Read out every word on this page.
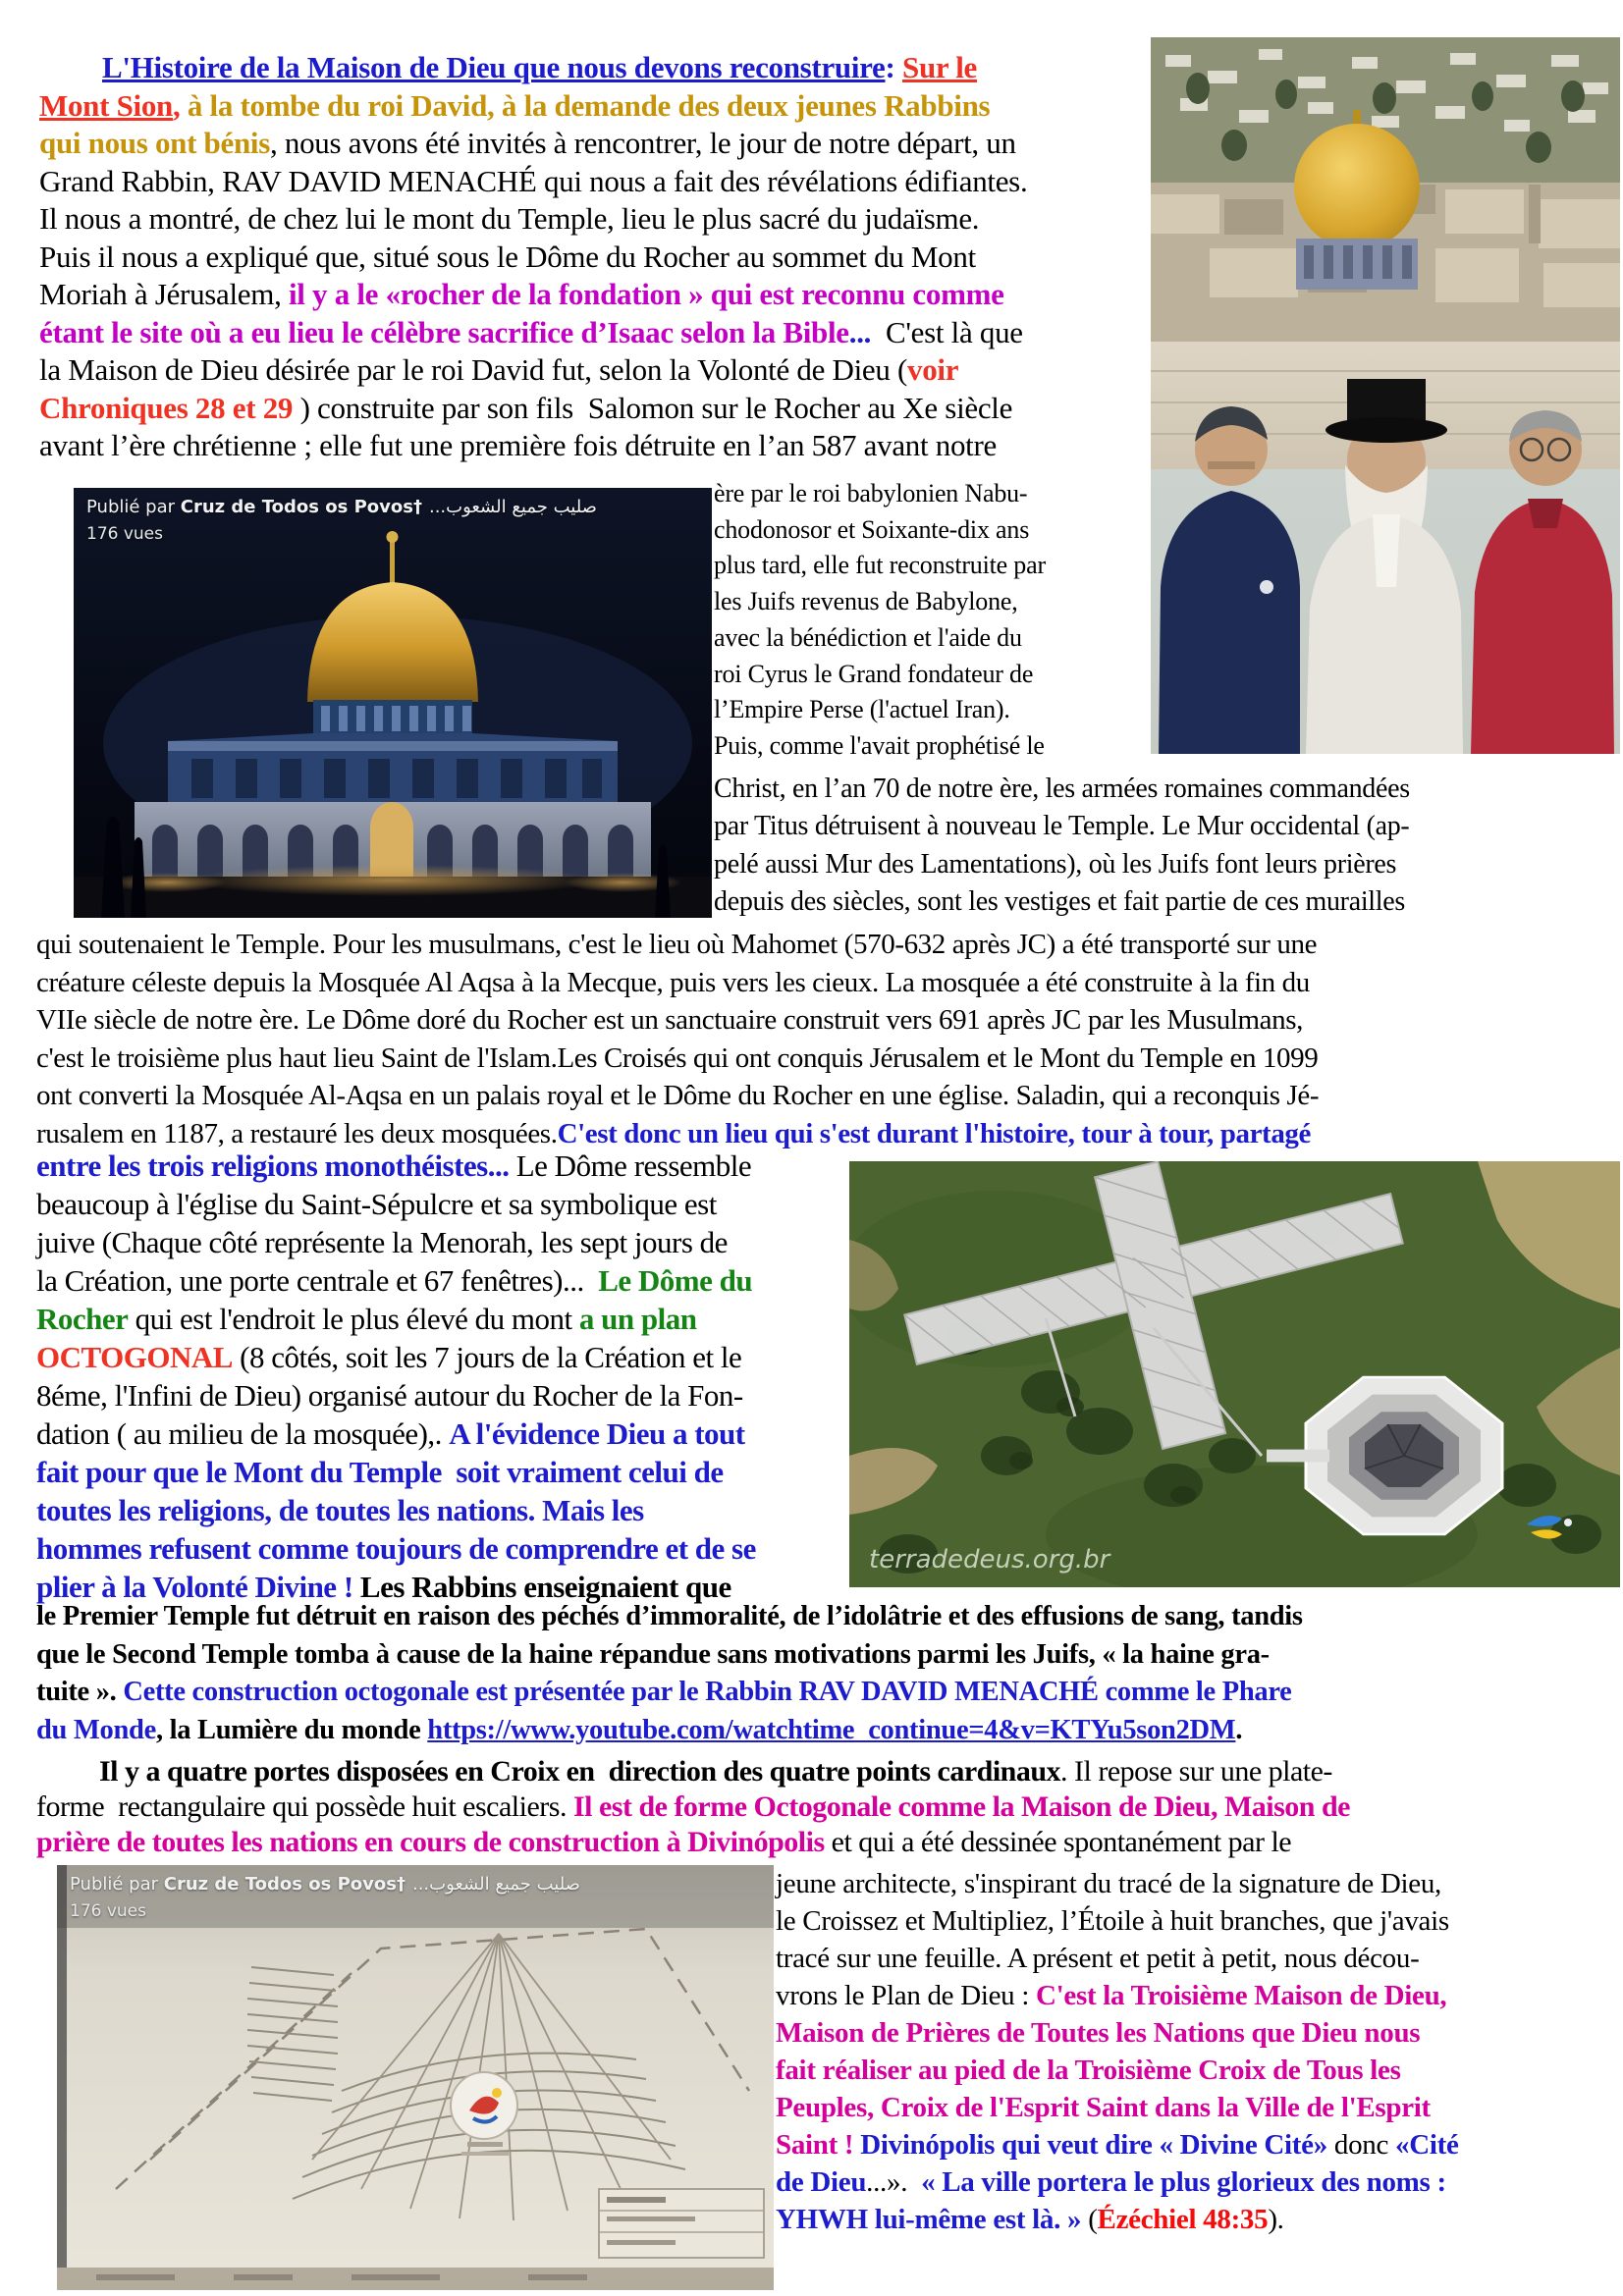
L'Histoire de la Maison de Dieu que nous devons reconstruire: Sur le
Mont Sion, à la tombe du roi David, à la demande des deux jeunes Rabbins
qui nous ont bénis, nous avons été invités à rencontrer, le jour de notre départ, un
Grand Rabbin, RAV DAVID MENACHÉ qui nous a fait des révélations édifiantes.
Il nous a montré, de chez lui le mont du Temple, lieu le plus sacré du judaïsme.
Puis il nous a expliqué que, situé sous le Dôme du Rocher au sommet du Mont
Moriah à Jérusalem, il y a le «rocher de la fondation » qui est reconnu comme
étant le site où a eu lieu le célèbre sacrifice d’Isaac selon la Bible...  C'est là que
la Maison de Dieu désirée par le roi David fut, selon la Volonté de Dieu (voir
Chroniques 28 et 29 ) construite par son fils  Salomon sur le Rocher au Xe siècle
avant l’ère chrétienne ; elle fut une première fois détruite en l’an 587 avant notre
ère par le roi babylonien Nabu-
chodonosor et Soixante-dix ans
plus tard, elle fut reconstruite par
les Juifs revenus de Babylone,
avec la bénédiction et l'aide du
roi Cyrus le Grand fondateur de
l’Empire Perse (l'actuel Iran).
Puis, comme l'avait prophétisé le
Christ, en l’an 70 de notre ère, les armées romaines commandées
par Titus détruisent à nouveau le Temple. Le Mur occidental (ap-
pelé aussi Mur des Lamentations), où les Juifs font leurs prières
depuis des siècles, sont les vestiges et fait partie de ces murailles
qui soutenaient le Temple. Pour les musulmans, c'est le lieu où Mahomet (570-632 après JC) a été transporté sur une
créature céleste depuis la Mosquée Al Aqsa à la Mecque, puis vers les cieux. La mosquée a été construite à la fin du
VIIe siècle de notre ère. Le Dôme doré du Rocher est un sanctuaire construit vers 691 après JC par les Musulmans,
c'est le troisième plus haut lieu Saint de l'Islam.Les Croisés qui ont conquis Jérusalem et le Mont du Temple en 1099
ont converti la Mosquée Al-Aqsa en un palais royal et le Dôme du Rocher en une église. Saladin, qui a reconquis Jé-
rusalem en 1187, a restauré les deux mosquées.C'est donc un lieu qui s'est durant l'histoire, tour à tour, partagé
entre les trois religions monothéistes... Le Dôme ressemble
beaucoup à l'église du Saint-Sépulcre et sa symbolique est
juive (Chaque côté représente la Menorah, les sept jours de
la Création, une porte centrale et 67 fenêtres)...  Le Dôme du
Rocher qui est l'endroit le plus élevé du mont a un plan
OCTOGONAL (8 côtés, soit les 7 jours de la Création et le
8éme, l'Infini de Dieu) organisé autour du Rocher de la Fon-
dation ( au milieu de la mosquée),. A l'évidence Dieu a tout
fait pour que le Mont du Temple  soit vraiment celui de
toutes les religions, de toutes les nations. Mais les
hommes refusent comme toujours de comprendre et de se
plier à la Volonté Divine ! Les Rabbins enseignaient que
le Premier Temple fut détruit en raison des péchés d’immoralité, de l’idolâtrie et des effusions de sang, tandis
que le Second Temple tomba à cause de la haine répandue sans motivations parmi les Juifs, « la haine gra-
tuite ». Cette construction octogonale est présentée par le Rabbin RAV DAVID MENACHÉ comme le Phare
du Monde, la Lumière du monde https://www.youtube.com/watchtime_continue=4&v=KTYu5son2DM.
Il y a quatre portes disposées en Croix en  direction des quatre points cardinaux. Il repose sur une plate-
forme  rectangulaire qui possède huit escaliers. Il est de forme Octogonale comme la Maison de Dieu, Maison de
prière de toutes les nations en cours de construction à Divinópolis et qui a été dessinée spontanément par le
jeune architecte, s'inspirant du tracé de la signature de Dieu,
le Croissez et Multipliez, l’Étoile à huit branches, que j'avais
tracé sur une feuille. A présent et petit à petit, nous décou-
vrons le Plan de Dieu : C'est la Troisième Maison de Dieu,
Maison de Prières de Toutes les Nations que Dieu nous
fait réaliser au pied de la Troisième Croix de Tous les
Peuples, Croix de l'Esprit Saint dans la Ville de l'Esprit
Saint ! Divinópolis qui veut dire « Divine Cité» donc «Cité
de Dieu...».  « La ville portera le plus glorieux des noms :
YHWH lui-même est là. » (Ézéchiel 48:35).
Publié par Cruz de Todos os Povos† صليب جميع الشعوب...
176 vues
terradedeus.org.br
Publié par Cruz de Todos os Povos† صليب جميع الشعوب...
176 vues
